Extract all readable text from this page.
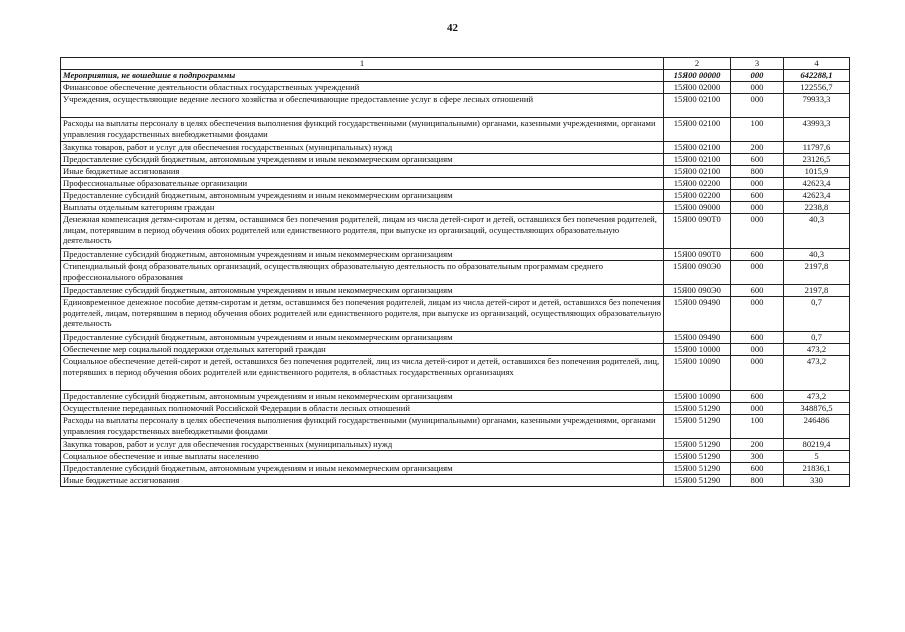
42
1	2	3	4
Мероприятия, не вошедшие в подпрограммы	15Я00 00000	000	642288,1
Финансовое обеспечение деятельности областных государственных учреждений	15Я00 02000	000	122556,7
Учреждения, осуществляющие ведение лесного хозяйства и обеспечивающие предоставление услуг в сфере лесных отношений	15Я00 02100	000	79933,3
Расходы на выплаты персоналу в целях обеспечения выполнения функций государственными (муниципальными) органами, казенными учреждениями, органами управления государственных внебюджетными фондами	15Я00 02100	100	43993,3
Закупка товаров, работ и услуг для обеспечения государственных (муниципальных) нужд	15Я00 02100	200	11797,6
Предоставление субсидий бюджетным, автономным учреждениям и иным некоммерческим организациям	15Я00 02100	600	23126,5
Иные бюджетные ассигнования	15Я00 02100	800	1015,9
Профессиональные образовательные организации	15Я00 02200	000	42623,4
Предоставление субсидий бюджетным, автономным учреждениям и иным некоммерческим организациям	15Я00 02200	600	42623,4
Выплаты отдельным категориям граждан	15Я00 09000	000	2238,8
Денежная компенсация детям-сиротам и детям, оставшимся без попечения родителей, лицам из числа детей-сирот и детей, оставшихся без попечения родителей, лицам, потерявшим в период обучения обоих родителей или единственного родителя, при выпуске из организаций, осуществляющих образовательную деятельность	15Я00 090Т0	000	40,3
Предоставление субсидий бюджетным, автономным учреждениям и иным некоммерческим организациям	15Я00 090Т0	600	40,3
Стипендиальный фонд образовательных организаций, осуществляющих образовательную деятельность по образовательным программам среднего профессионального образования	15Я00 090Э0	000	2197,8
Предоставление субсидий бюджетным, автономным учреждениям и иным некоммерческим организациям	15Я00 090Э0	600	2197,8
Единовременное денежное пособие детям-сиротам и детям, оставшимся без попечения родителей, лицам из числа детей-сирот и детей, оставшихся без попечения родителей, лицам, потерявшим в период обучения обоих родителей или единственного родителя, при выпуске из организаций, осуществляющих образовательную деятельность	15Я00 09490	000	0,7
Предоставление субсидий бюджетным, автономным учреждениям и иным некоммерческим организациям	15Я00 09490	600	0,7
Обеспечение мер социальной поддержки отдельных категорий граждан	15Я00 10000	000	473,2
Социальное обеспечение детей-сирот и детей, оставшихся без попечения родителей, лиц из числа детей-сирот и детей, оставшихся без попечения родителей, лиц, потерявших в период обучения обоих родителей или единственного родителя, в областных государственных организациях	15Я00 10090	000	473,2
Предоставление субсидий бюджетным, автономным учреждениям и иным некоммерческим организациям	15Я00 10090	600	473,2
Осуществление переданных полномочий Российской Федерации в области лесных отношений	15Я00 51290	000	348876,5
Расходы на выплаты персоналу в целях обеспечения выполнения функций государственными (муниципальными) органами, казенными учреждениями, органами управления государственных внебюджетными фондами	15Я00 51290	100	246486
Закупка товаров, работ и услуг для обеспечения государственных (муниципальных) нужд	15Я00 51290	200	80219,4
Социальное обеспечение и иные выплаты населению	15Я00 51290	300	5
Предоставление субсидий бюджетным, автономным учреждениям и иным некоммерческим организациям	15Я00 51290	600	21836,1
Иные бюджетные ассигнования	15Я00 51290	800	330
